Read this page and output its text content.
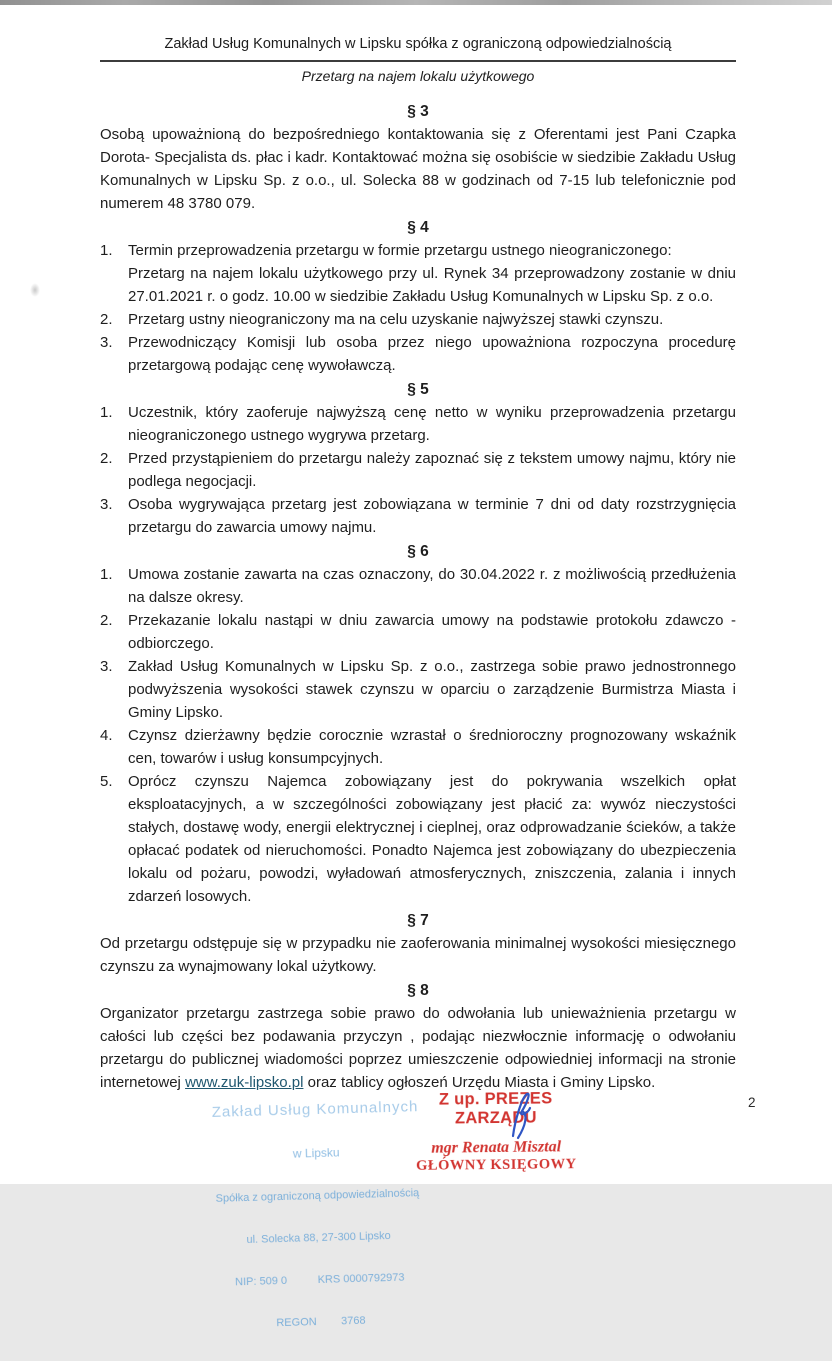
Zakład Usług Komunalnych w Lipsku spółka z ograniczoną odpowiedzialnością
Przetarg na najem lokalu użytkowego
§ 3
Osobą upoważnioną do bezpośredniego kontaktowania się z Oferentami jest Pani Czapka Dorota- Specjalista ds. płac i kadr. Kontaktować można się osobiście w siedzibie Zakładu Usług Komunalnych w Lipsku Sp. z o.o., ul. Solecka 88 w godzinach od 7-15 lub telefonicznie pod numerem 48 3780 079.
§ 4
1.	Termin przeprowadzenia przetargu w formie przetargu ustnego nieograniczonego:
Przetarg na najem lokalu użytkowego przy ul. Rynek 34 przeprowadzony zostanie w dniu 27.01.2021 r. o godz. 10.00 w siedzibie Zakładu Usług Komunalnych w Lipsku Sp. z o.o.
2.	Przetarg ustny nieograniczony ma na celu uzyskanie najwyższej stawki czynszu.
3.	Przewodniczący Komisji lub osoba przez niego upoważniona rozpoczyna procedurę przetargową podając cenę wywoławczą.
§ 5
1.	Uczestnik, który zaoferuje najwyższą cenę netto w wyniku przeprowadzenia przetargu nieograniczonego ustnego wygrywa przetarg.
2.	Przed przystąpieniem do przetargu należy zapoznać się z tekstem umowy najmu, który nie podlega negocjacji.
3.	Osoba wygrywająca przetarg jest zobowiązana w terminie 7 dni od daty rozstrzygnięcia przetargu do zawarcia umowy najmu.
§ 6
1.	Umowa zostanie zawarta na czas oznaczony, do 30.04.2022 r. z możliwością przedłużenia na dalsze okresy.
2.	Przekazanie lokalu nastąpi w dniu zawarcia umowy na podstawie protokołu zdawczo - odbiorczego.
3.	Zakład Usług Komunalnych w Lipsku Sp. z o.o., zastrzega sobie prawo jednostronnego podwyższenia wysokości stawek czynszu w oparciu o zarządzenie Burmistrza Miasta i Gminy Lipsko.
4.	Czynsz dzierżawny będzie corocznie wzrastał o średnioroczny prognozowany wskaźnik cen, towarów i usług konsumpcyjnych.
5.	Oprócz czynszu Najemca zobowiązany jest do pokrywania wszelkich opłat eksploatacyjnych, a w szczególności zobowiązany jest płacić za: wywóz nieczystości stałych, dostawę wody, energii elektrycznej i cieplnej, oraz odprowadzanie ścieków, a także opłacać podatek od nieruchomości. Ponadto Najemca jest zobowiązany do ubezpieczenia lokalu od pożaru, powodzi, wyładowań atmosferycznych, zniszczenia, zalania i innych zdarzeń losowych.
§ 7
Od przetargu odstępuje się w przypadku nie zaoferowania minimalnej wysokości miesięcznego czynszu za wynajmowany lokal użytkowy.
§ 8
Organizator przetargu zastrzega sobie prawo do odwołania lub unieważnienia przetargu w całości lub części bez podawania przyczyn , podając niezwłocznie informację o odwołaniu przetargu do publicznej wiadomości poprzez umieszczenie odpowiedniej informacji na stronie internetowej www.zuk-lipsko.pl oraz tablicy ogłoszeń Urzędu Miasta i Gminy Lipsko.

Zakład Usług Komunalnych

w Lipsku

Spółka z ograniczoną odpowiedzialnością

ul. Solecka 88, 27-300 Lipsko

NIP: 509 0          KRS 0000792973

REGON        3768

Z up. PREZES ZARZĄDU
mgr Renata Misztal
GŁÓWNY KSIĘGOWY
2
